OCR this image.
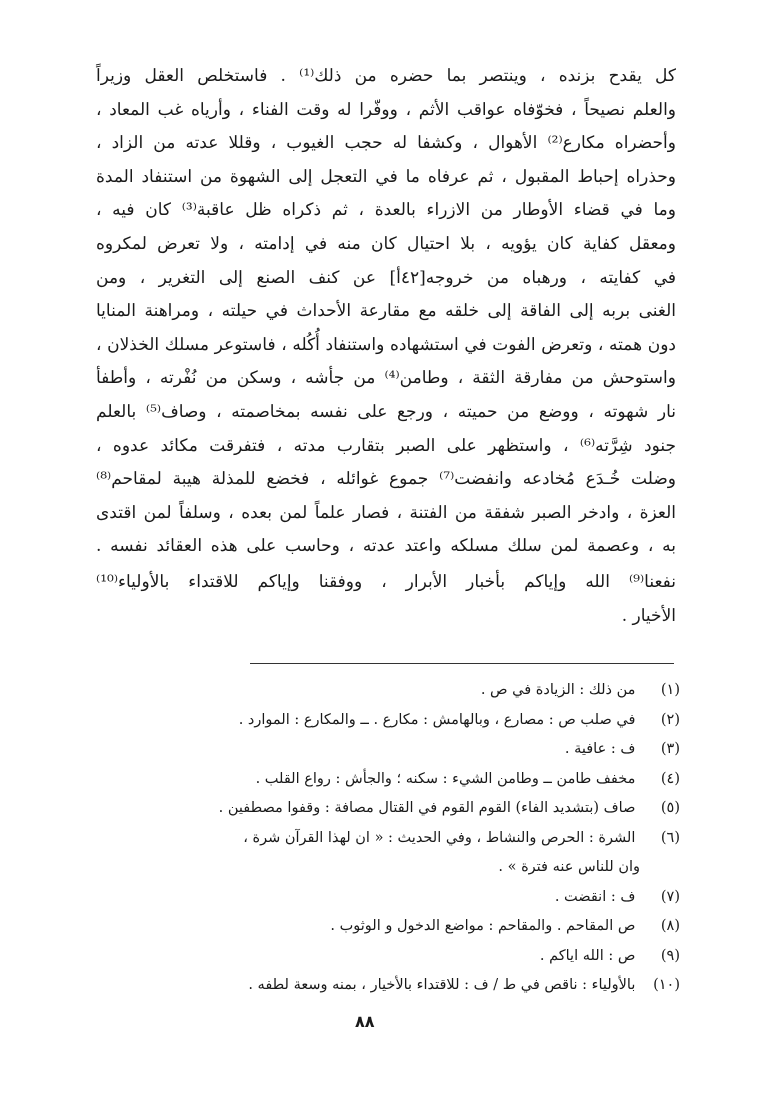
كل يقدح بزنده ، وينتصر بما حضره من ذلك⁽¹⁾ . فاستخلص العقل وزيراً
والعلم نصيحاً ، فخوّفاه عواقب الأثم ، ووفّرا له وقت الفناء ، وأرياه غب المعاد ،
وأحضراه مكارع⁽²⁾ الأهوال ، وكشفا له حجب الغيوب ، وقللا عدته من الزاد ،
وحذراه إحباط المقبول ، ثم عرفاه ما في التعجل إلى الشهوة من استنفاد المدة
وما في قضاء الأوطار من الازراء بالعدة ، ثم ذكراه ظل عاقبة⁽³⁾ كان فيه ،
ومعقل كفاية كان يؤويه ، بلا احتيال كان منه في إدامته ، ولا تعرض لمكروه
في كفايته ، ورهباه من خروجه[٤٢أ] عن كنف الصنع إلى التغرير ، ومن
الغنى بربه إلى الفاقة إلى خلقه مع مقارعة الأحداث في حيلته ، ومراهنة المنايا
دون همته ، وتعرض الفوت في استشهاده واستنفاد أُكُله ، فاستوعر مسلك الخذلان ،
واستوحش من مفارقة الثقة ، وطامن⁽⁴⁾ من جأشه ، وسكن من نُفْرته ، وأطفأ
نار شهوته ، ووضع من حميته ، ورجع على نفسه بمخاصمته ، وصاف⁽⁵⁾ بالعلم
جنود شِرَّته⁽⁶⁾ ، واستظهر على الصبر بتقارب مدته ، فتفرقت مكائد عدوه ،
وضلت خُـدَع مُخادعه وانفضت⁽⁷⁾ جموع غوائله ، فخضع للمذلة هيبة لمقاحم⁽⁸⁾
العزة ، وادخر الصبر شفقة من الفتنة ، فصار علماً لمن بعده ، وسلفاً لمن اقتدى
به ، وعصمة لمن سلك مسلكه واعتد عدته ، وحاسب على هذه العقائد نفسه .
نفعنا⁽⁹⁾ الله وإياكم بأخبار الأبرار ، ووفقنا وإياكم للاقتداء بالأولياء⁽¹⁰⁾
الأخيار .
(١) من ذلك : الزيادة في ص .
(٢) في صلب ص : مصارع ، وبالهامش : مكارع . ــ والمكارع : الموارد .
(٣) ف : عافية .
(٤) مخفف طامن ــ وطامن الشيء : سكنه ؛ والجأش : رواع القلب .
(٥) صاف (بتشديد الفاء) القوم القوم في القتال مصافة : وقفوا مصطفين .
(٦) الشرة : الحرص والنشاط ، وفي الحديث : « ان لهذا القرآن شرة ،
وان للناس عنه فترة » .
(٧) ف : انقضت .
(٨) ص المقاحم . والمقاحم : مواضع الدخول و الوثوب .
(٩) ص : الله اياكم .
(١٠) بالأولياء : ناقص في ط / ف : للاقتداء بالأخيار ، بمنه وسعة لطفه .
٨٨
